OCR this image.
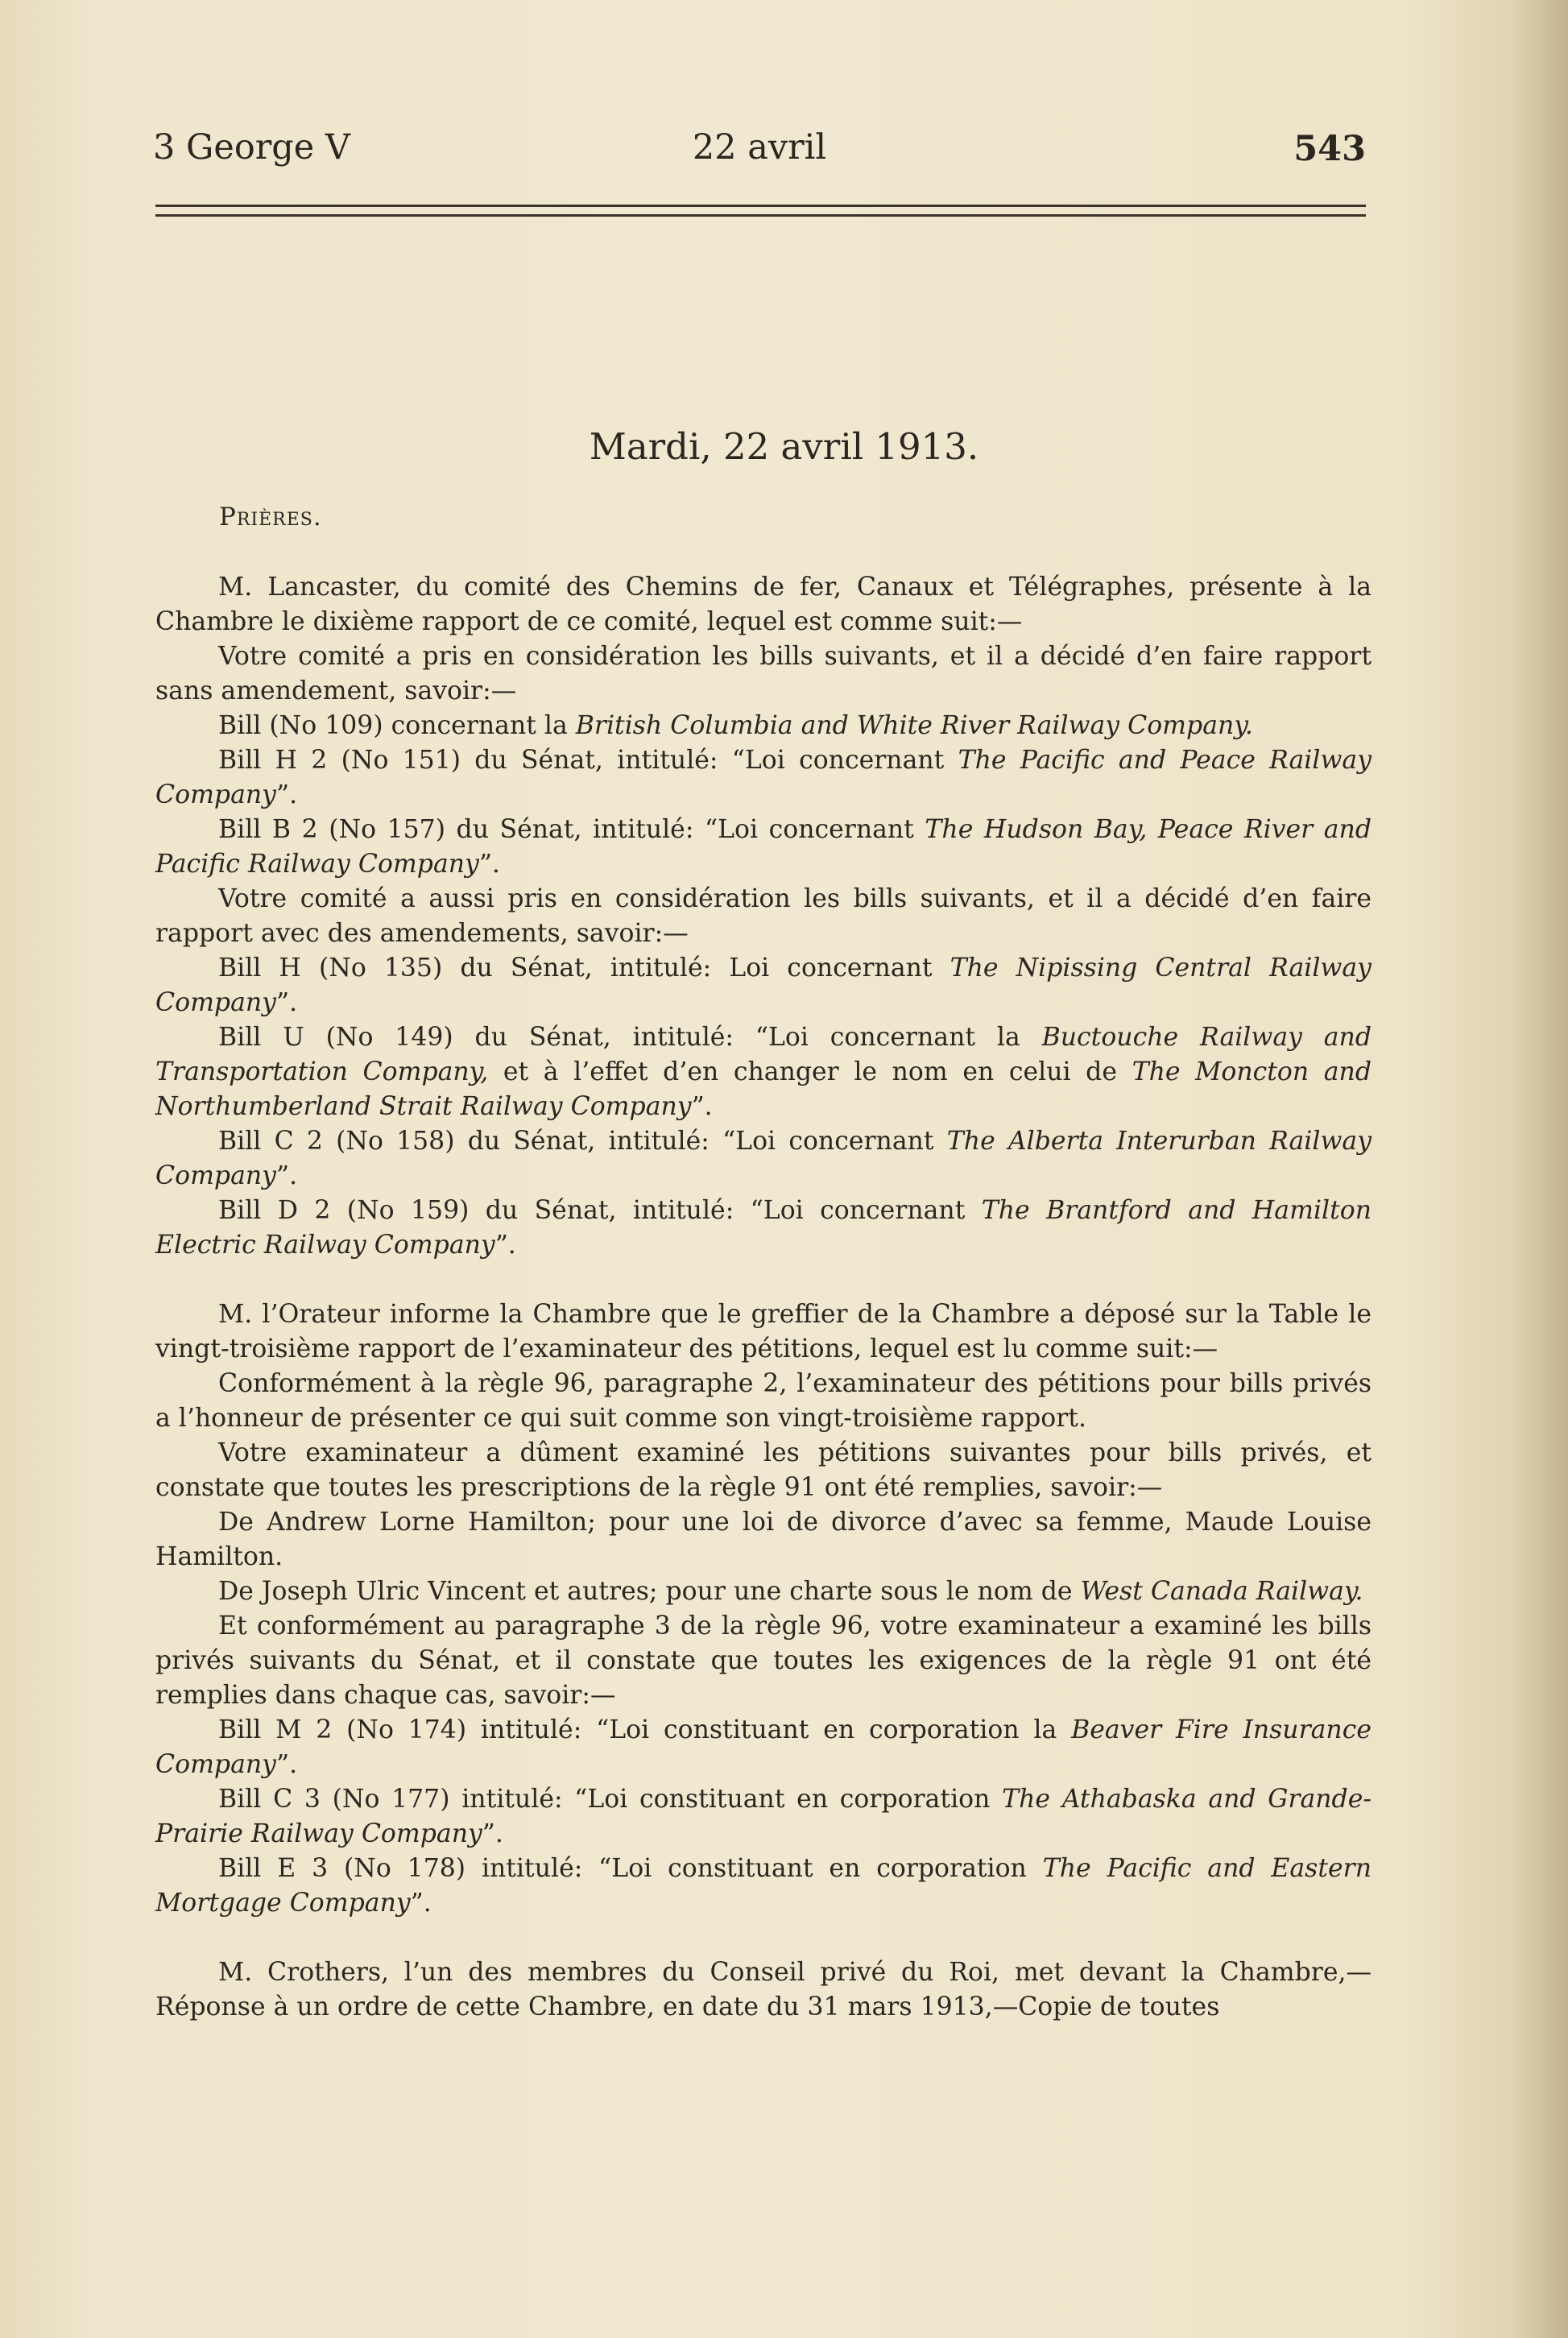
3 George V	22 avril	543
Mardi, 22 avril 1913.
Prières.

M. Lancaster, du comité des Chemins de fer, Canaux et Télégraphes, présente à la Chambre le dixième rapport de ce comité, lequel est comme suit:—

Votre comité a pris en considération les bills suivants, et il a décidé d’en faire rapport sans amendement, savoir:—

Bill (No 109) concernant la British Columbia and White River Railway Company.

Bill H 2 (No 151) du Sénat, intitulé: “Loi concernant The Pacific and Peace Railway Company”.

Bill B 2 (No 157) du Sénat, intitulé: “Loi concernant The Hudson Bay, Peace River and Pacific Railway Company”.

Votre comité a aussi pris en considération les bills suivants, et il a décidé d’en faire rapport avec des amendements, savoir:—

Bill H (No 135) du Sénat, intitulé: Loi concernant The Nipissing Central Railway Company”.

Bill U (No 149) du Sénat, intitulé: “Loi concernant la Buctouche Railway and Transportation Company, et à l’effet d’en changer le nom en celui de The Moncton and Northumberland Strait Railway Company”.

Bill C 2 (No 158) du Sénat, intitulé: “Loi concernant The Alberta Interurban Railway Company”.

Bill D 2 (No 159) du Sénat, intitulé: “Loi concernant The Brantford and Hamilton Electric Railway Company”.

M. l’Orateur informe la Chambre que le greffier de la Chambre a déposé sur la Table le vingt-troisième rapport de l’examinateur des pétitions, lequel est lu comme suit:—

Conformément à la règle 96, paragraphe 2, l’examinateur des pétitions pour bills privés a l’honneur de présenter ce qui suit comme son vingt-troisième rapport.

Votre examinateur a dûment examiné les pétitions suivantes pour bills privés, et constate que toutes les prescriptions de la règle 91 ont été remplies, savoir:—

De Andrew Lorne Hamilton; pour une loi de divorce d’avec sa femme, Maude Louise Hamilton.

De Joseph Ulric Vincent et autres; pour une charte sous le nom de West Canada Railway.

Et conformément au paragraphe 3 de la règle 96, votre examinateur a examiné les bills privés suivants du Sénat, et il constate que toutes les exigences de la règle 91 ont été remplies dans chaque cas, savoir:—

Bill M 2 (No 174) intitulé: “Loi constituant en corporation la Beaver Fire Insurance Company”.

Bill C 3 (No 177) intitulé: “Loi constituant en corporation The Athabaska and Grande-Prairie Railway Company”.

Bill E 3 (No 178) intitulé: “Loi constituant en corporation The Pacific and Eastern Mortgage Company”.

M. Crothers, l’un des membres du Conseil privé du Roi, met devant la Chambre,—Réponse à un ordre de cette Chambre, en date du 31 mars 1913,—Copie de toutes
